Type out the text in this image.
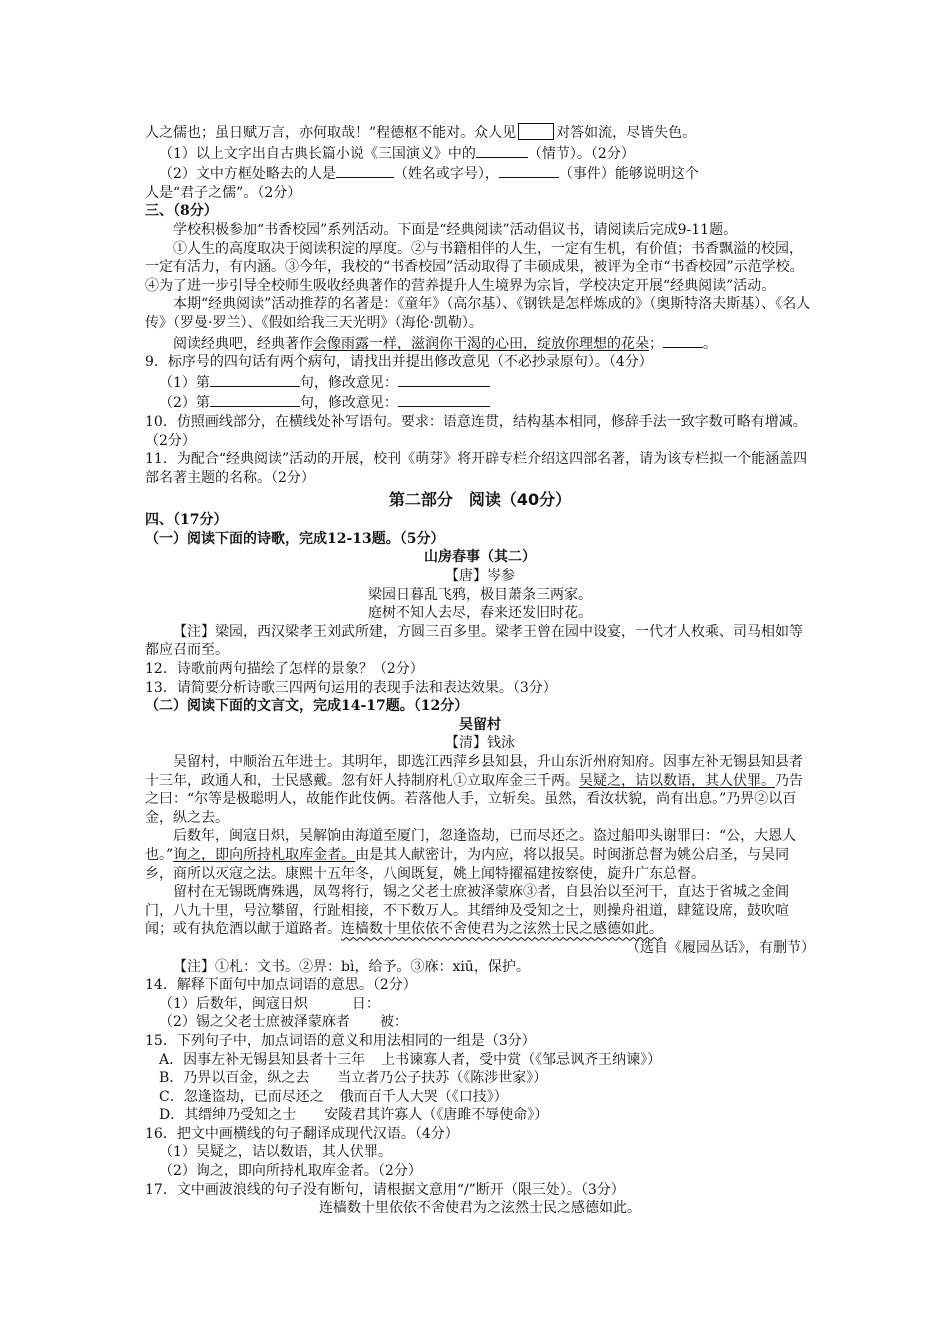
人之儒也；虽日赋万言，亦何取哉！”程德枢不能对。众人见	对答如流，尽皆失色。

（1）以上文字出自古典长篇小说《三国演义》中的	（情节）。（2分）

（2）文中方框处略去的人是	（姓名或字号），	（事件）能够说明这个

人是“君子之儒”。（2分）

三、（8分）

学校积极参加“书香校园”系列活动。下面是“经典阅读”活动倡议书，请阅读后完成9-11题。

①人生的高度取决于阅读积淀的厚度。②与书籍相伴的人生，一定有生机，有价值；书香飘溢的校园，一定有活力，有内涵。③今年，我校的“书香校园”活动取得了丰硕成果，被评为全市“书香校园”示范学校。④为了进一步引导全校师生吸收经典著作的营养提升人生境界为宗旨，学校决定开展“经典阅读”活动。

本期“经典阅读”活动推荐的名著是：《童年》（高尔基）、《钢铁是怎样炼成的》（奥斯特洛夫斯基）、《名人传》（罗曼·罗兰）、《假如给我三天光明》（海伦·凯勒）。

阅读经典吧，经典著作会像雨露一样，滋润你干渴的心田，绽放你理想的花朵；	。

9．标序号的四句话有两个病句，请找出并提出修改意见（不必抄录原句）。（4分）

（1）第	句，修改意见：

（2）第	句，修改意见：

10．仿照画线部分，在横线处补写语句。要求：语意连贯，结构基本相同，修辞手法一致字数可略有增减。（2分）

11．为配合“经典阅读”活动的开展，校刊《萌芽》将开辟专栏介绍这四部名著，请为该专栏拟一个能涵盖四部名著主题的名称。（2分）

第二部分　阅读（40分）

四、（17分）

（一）阅读下面的诗歌，完成12-13题。（5分）

山房春事（其二）

【唐】岑参

梁园日暮乱飞鸦，极目萧条三两家。

庭树不知人去尽，春来还发旧时花。

【注】梁园，西汉梁孝王刘武所建，方圆三百多里。梁孝王曾在园中设宴，一代才人枚乘、司马相如等都应召而至。

12．诗歌前两句描绘了怎样的景象？（2分）

13．请简要分析诗歌三四两句运用的表现手法和表达效果。（3分）

（二）阅读下面的文言文，完成14-17题。（12分）

吴留村

【清】钱泳

吴留村，中顺治五年进士。其明年，即选江西萍乡县知县，升山东沂州府知府。因事左补无锡县知县者十三年，政通人和，士民感戴。忽有奸人持制府札①立取库金三千两。吴疑之，诘以数语，其人伏罪。乃告之曰：“尔等是极聪明人，故能作此伎俩。若落他人手，立斩矣。虽然，看汝状貌，尚有出息。”乃畀②以百金，纵之去。

后数年，闽寇日炽，吴解饷由海道至厦门，忽逢盗劫，已而尽还之。盗过船叩头谢罪曰：“公，大恩人也。”询之，即向所持札取库金者。由是其人献密计，为内应，将以报吴。时闽浙总督为姚公启圣，与吴同乡，商所以灭寇之法。康熙十五年冬，八闽既复，姚上闻特擢福建按察使，旋升广东总督。

留村在无锡既膺殊遇，凤驾将行，锡之父老士庶被泽蒙庥③者，自县治以至河干，直达于省城之金阊门，八九十里，号泣攀留，行趾相接，不下数万人。其缙绅及受知之士，则操舟祖道，肆筵设席，鼓吹喧闻；或有执危酒以献于道路者。连樯数十里依依不舍使君为之泫然士民之感德如此。

（选自《履园丛话》，有删节）

【注】①札：文书。②畀：bì，给予。③庥：xiū，保护。

14．解释下面句中加点词语的意思。（2分）

（1）后数年，闽寇日炽	日：

（2）锡之父老士庶被泽蒙庥者 被：

15．下列句子中，加点词语的意义和用法相同的一组是（3分）

A．因事左补无锡县知县者十三年 上书谏寡人者，受中赏（《邹忌讽齐王纳谏》）

B．乃畀以百金，纵之去 当立者乃公子扶苏（《陈涉世家》）

C．忽逢盗劫，已而尽还之 俄而百千人大哭（《口技》）

D．其缙绅乃受知之士 安陵君其许寡人（《唐雎不辱使命》）

16．把文中画横线的句子翻译成现代汉语。（4分）

（1）吴疑之，诘以数语，其人伏罪。

（2）询之，即向所持札取库金者。（2分）

17．文中画波浪线的句子没有断句，请根据文意用“/”断开（限三处）。（3分）

连樯数十里依依不舍使君为之泫然士民之感德如此。
